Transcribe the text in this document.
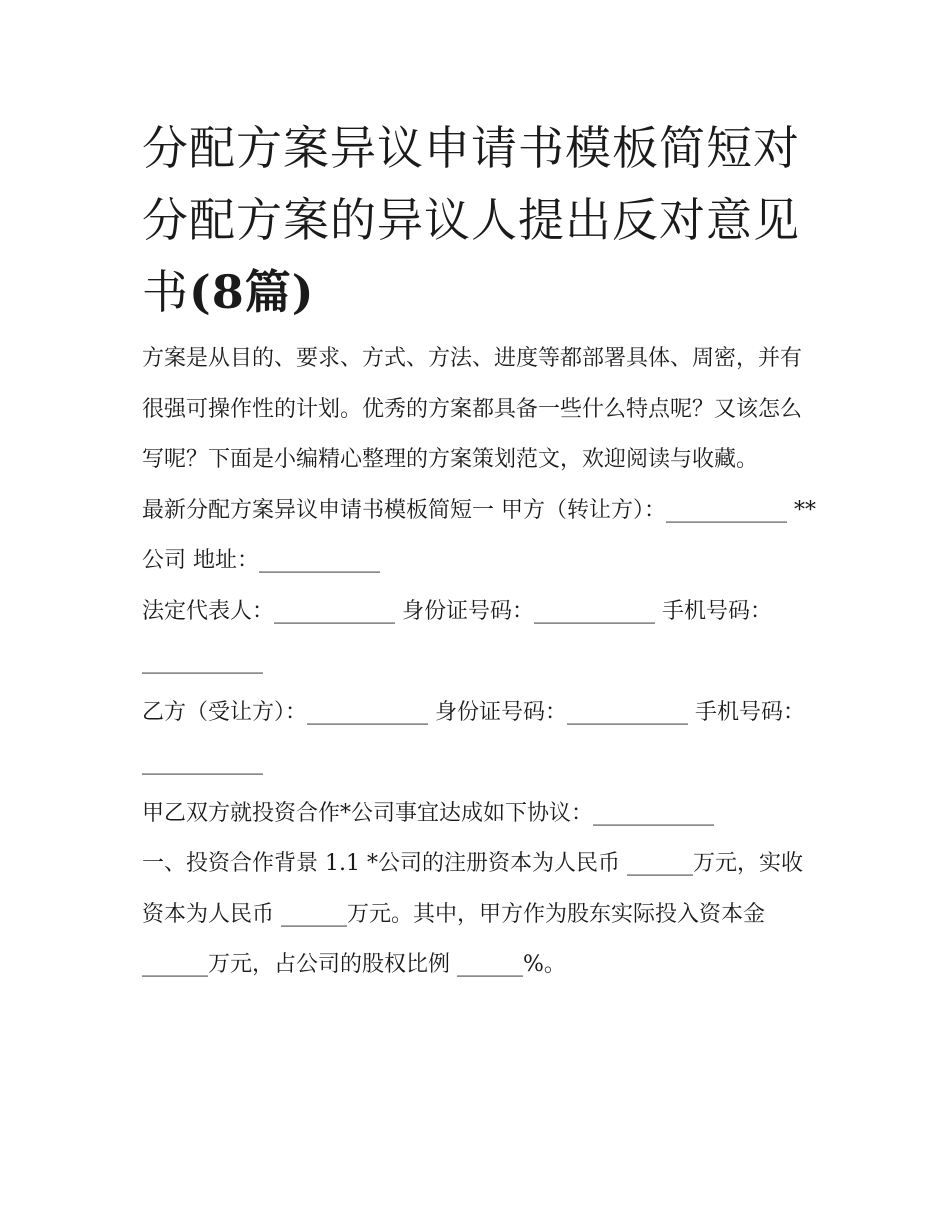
分配方案异议申请书模板简短对分配方案的异议人提出反对意见书(8篇)

方案是从目的、要求、方式、方法、进度等都部署具体、周密，并有很强可操作性的计划。优秀的方案都具备一些什么特点呢？又该怎么写呢？下面是小编精心整理的方案策划范文，欢迎阅读与收藏。

最新分配方案异议申请书模板简短一 甲方（转让方）：___________ **公司 地址：___________

法定代表人：___________ 身份证号码：___________ 手机号码：___________

乙方（受让方）：___________ 身份证号码：___________ 手机号码：___________

甲乙双方就投资合作*公司事宜达成如下协议：___________

一、投资合作背景 1.1 *公司的注册资本为人民币 ______万元，实收资本为人民币 ______万元。其中，甲方作为股东实际投入资本金 ______万元，占公司的股权比例 ______%。
